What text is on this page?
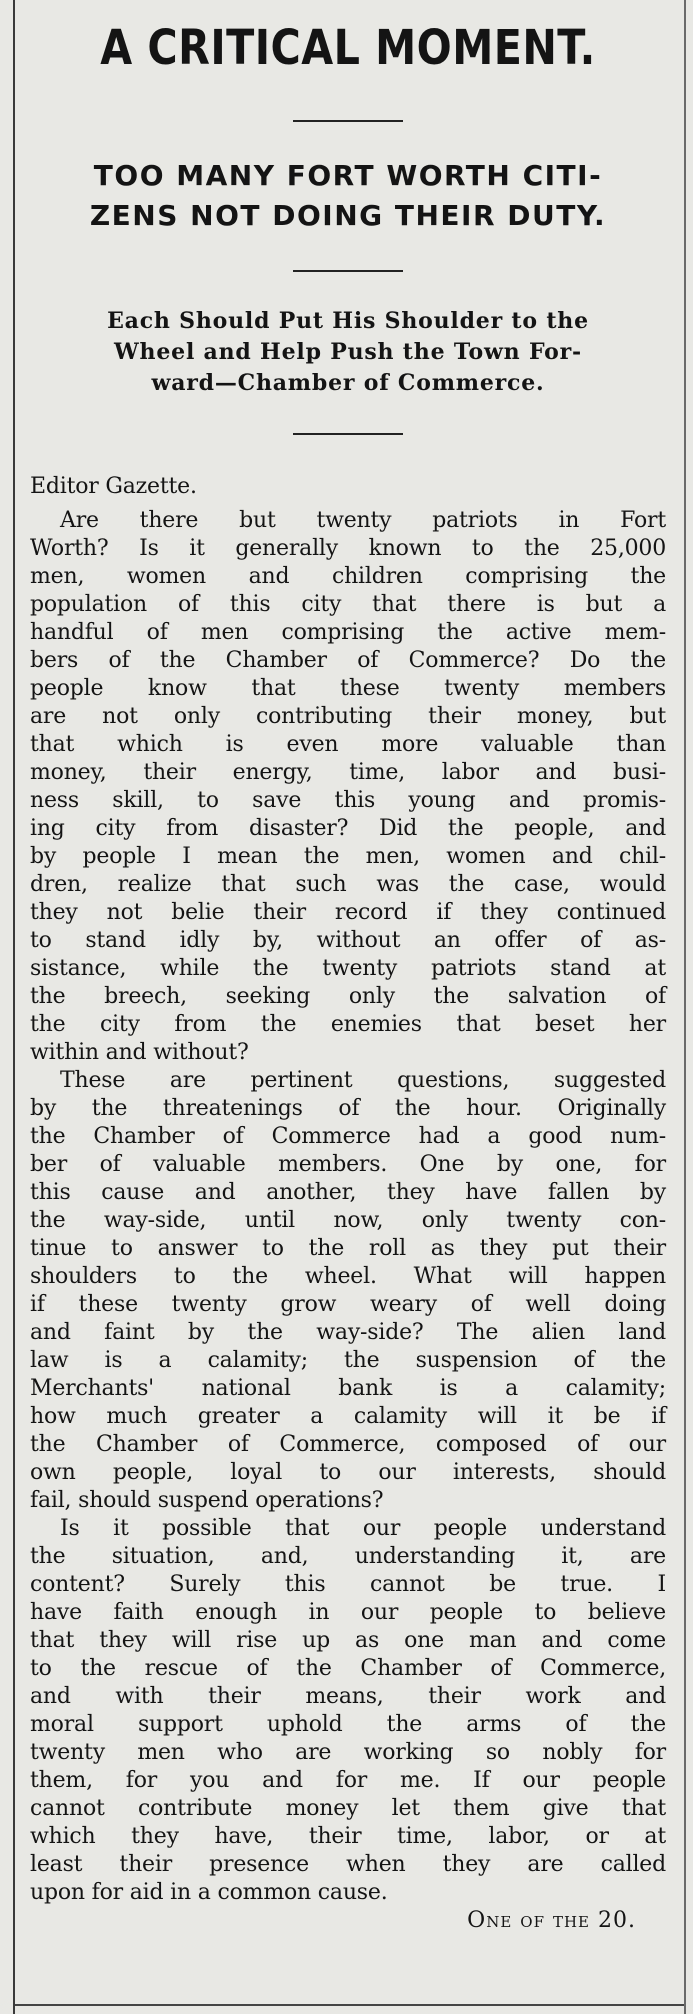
A CRITICAL MOMENT.
TOO MANY FORT WORTH CITI-
ZENS NOT DOING THEIR DUTY.
Each Should Put His Shoulder to the
Wheel and Help Push the Town For-
ward—Chamber of Commerce.
Editor Gazette.
Are there but twenty patriots in Fort
Worth? Is it generally known to the 25,000
men, women and children comprising the
population of this city that there is but a
handful of men comprising the active mem-
bers of the Chamber of Commerce? Do the
people know that these twenty members
are not only contributing their money, but
that which is even more valuable than
money, their energy, time, labor and busi-
ness skill, to save this young and promis-
ing city from disaster? Did the people, and
by people I mean the men, women and chil-
dren, realize that such was the case, would
they not belie their record if they continued
to stand idly by, without an offer of as-
sistance, while the twenty patriots stand at
the breech, seeking only the salvation of
the city from the enemies that beset her
within and without?
These are pertinent questions, suggested
by the threatenings of the hour. Originally
the Chamber of Commerce had a good num-
ber of valuable members. One by one, for
this cause and another, they have fallen by
the way-side, until now, only twenty con-
tinue to answer to the roll as they put their
shoulders to the wheel. What will happen
if these twenty grow weary of well doing
and faint by the way-side? The alien land
law is a calamity; the suspension of the
Merchants' national bank is a calamity;
how much greater a calamity will it be if
the Chamber of Commerce, composed of our
own people, loyal to our interests, should
fail, should suspend operations?
Is it possible that our people understand
the situation, and, understanding it, are
content? Surely this cannot be true. I
have faith enough in our people to believe
that they will rise up as one man and come
to the rescue of the Chamber of Commerce,
and with their means, their work and
moral support uphold the arms of the
twenty men who are working so nobly for
them, for you and for me. If our people
cannot contribute money let them give that
which they have, their time, labor, or at
least their presence when they are called
upon for aid in a common cause.
One of the 20.
